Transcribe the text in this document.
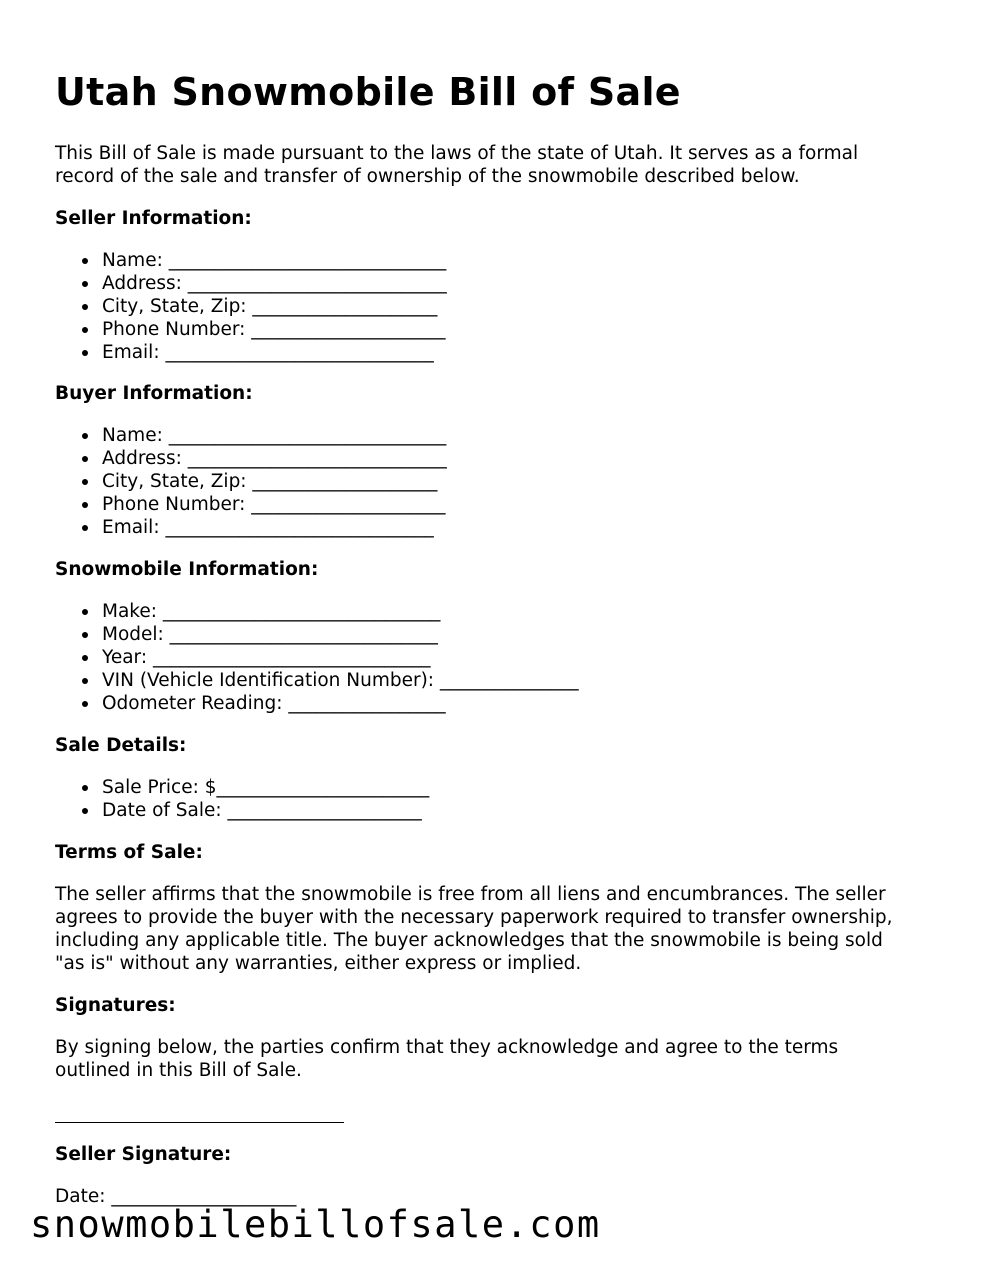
Utah Snowmobile Bill of Sale

This Bill of Sale is made pursuant to the laws of the state of Utah. It serves as a formal

record of the sale and transfer of ownership of the snowmobile described below.

Seller Information:

Name: ______________________________
Address: ____________________________
City, State, Zip: ____________________
Phone Number: _____________________
Email: _____________________________

Buyer Information:

Name: ______________________________
Address: ____________________________
City, State, Zip: ____________________
Phone Number: _____________________
Email: _____________________________

Snowmobile Information:

Make: ______________________________
Model: _____________________________
Year: ______________________________
VIN (Vehicle Identification Number): _______________
Odometer Reading: _________________

Sale Details:

Sale Price: $_______________________
Date of Sale: _____________________

Terms of Sale:

The seller affirms that the snowmobile is free from all liens and encumbrances. The seller

agrees to provide the buyer with the necessary paperwork required to transfer ownership,

including any applicable title. The buyer acknowledges that the snowmobile is being sold

"as is" without any warranties, either express or implied.

Signatures:

By signing below, the parties confirm that they acknowledge and agree to the terms

outlined in this Bill of Sale.

Seller Signature:

Date: ____________________

snowmobilebillofsale.com
